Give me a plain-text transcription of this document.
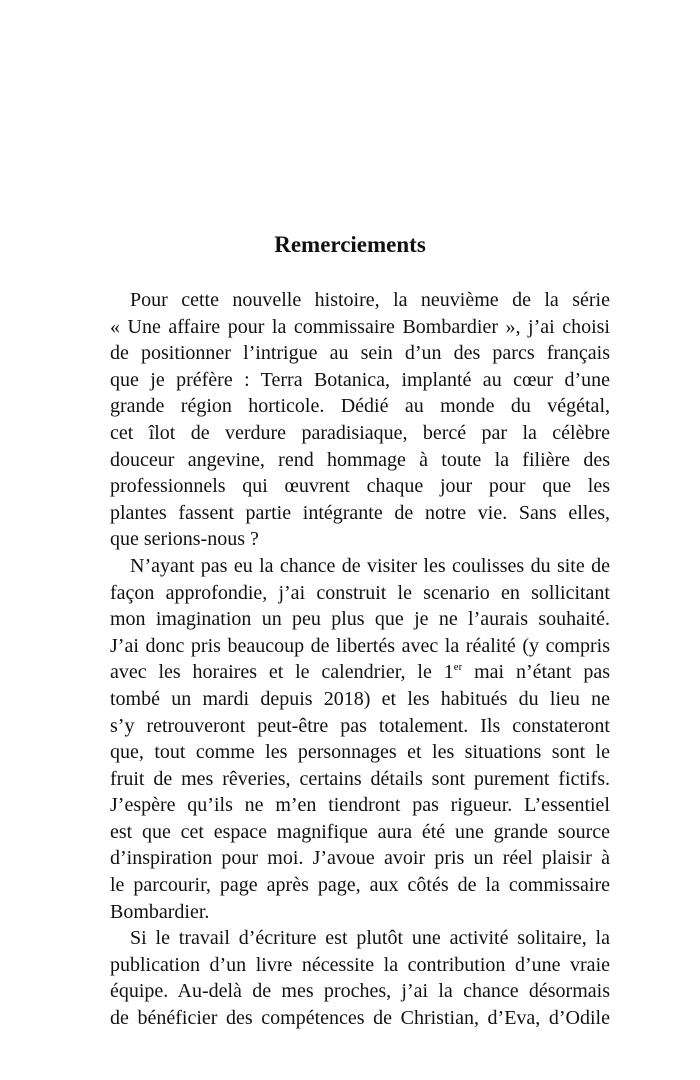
Remerciements
Pour cette nouvelle histoire, la neuvième de la série
« Une affaire pour la commissaire Bombardier », j’ai choisi
de positionner l’intrigue au sein d’un des parcs français
que je préfère : Terra Botanica, implanté au cœur d’une
grande région horticole. Dédié au monde du végétal,
cet îlot de verdure paradisiaque, bercé par la célèbre
douceur angevine, rend hommage à toute la filière des
professionnels qui œuvrent chaque jour pour que les
plantes fassent partie intégrante de notre vie. Sans elles,
que serions-nous ?
N’ayant pas eu la chance de visiter les coulisses du site de
façon approfondie, j’ai construit le scenario en sollicitant
mon imagination un peu plus que je ne l’aurais souhaité.
J’ai donc pris beaucoup de libertés avec la réalité (y compris
avec les horaires et le calendrier, le 1er mai n’étant pas
tombé un mardi depuis 2018) et les habitués du lieu ne
s’y retrouveront peut-être pas totalement. Ils constateront
que, tout comme les personnages et les situations sont le
fruit de mes rêveries, certains détails sont purement fictifs.
J’espère qu’ils ne m’en tiendront pas rigueur. L’essentiel
est que cet espace magnifique aura été une grande source
d’inspiration pour moi. J’avoue avoir pris un réel plaisir à
le parcourir, page après page, aux côtés de la commissaire
Bombardier.
Si le travail d’écriture est plutôt une activité solitaire, la
publication d’un livre nécessite la contribution d’une vraie
équipe. Au-delà de mes proches, j’ai la chance désormais
de bénéficier des compétences de Christian, d’Eva, d’Odile
